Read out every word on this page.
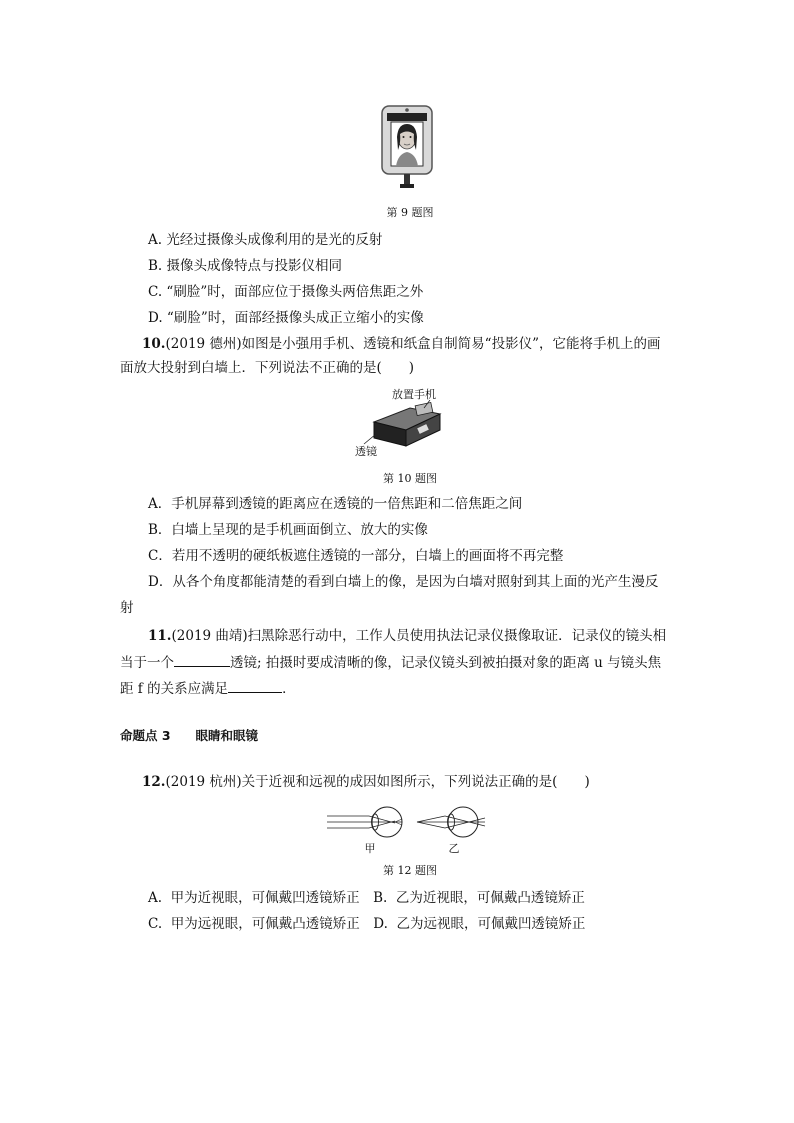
第 9 题图
A. 光经过摄像头成像利用的是光的反射
B. 摄像头成像特点与投影仪相同
C. “刷脸”时，面部应位于摄像头两倍焦距之外
D. “刷脸”时，面部经摄像头成正立缩小的实像
10.(2019 德州)如图是小强用手机、透镜和纸盒自制简易“投影仪”，它能将手机上的画
面放大投射到白墙上．下列说法不正确的是(　　)
放置手机
透镜
第 10 题图
A．手机屏幕到透镜的距离应在透镜的一倍焦距和二倍焦距之间
B．白墙上呈现的是手机画面倒立、放大的实像
C．若用不透明的硬纸板遮住透镜的一部分，白墙上的画面将不再完整
D．从各个角度都能清楚的看到白墙上的像，是因为白墙对照射到其上面的光产生漫反
射
11.(2019 曲靖)扫黑除恶行动中，工作人员使用执法记录仪摄像取证．记录仪的镜头相
当于一个	透镜; 拍摄时要成清晰的像，记录仪镜头到被拍摄对象的距离 u 与镜头焦
距 f 的关系应满足	．
命题点 3　　眼睛和眼镜
12.(2019 杭州)关于近视和远视的成因如图所示，下列说法正确的是(　　)
甲	乙
第 12 题图
A.  甲为近视眼，可佩戴凹透镜矫正　B.  乙为近视眼，可佩戴凸透镜矫正
C.  甲为远视眼，可佩戴凸透镜矫正　D.  乙为远视眼，可佩戴凹透镜矫正
